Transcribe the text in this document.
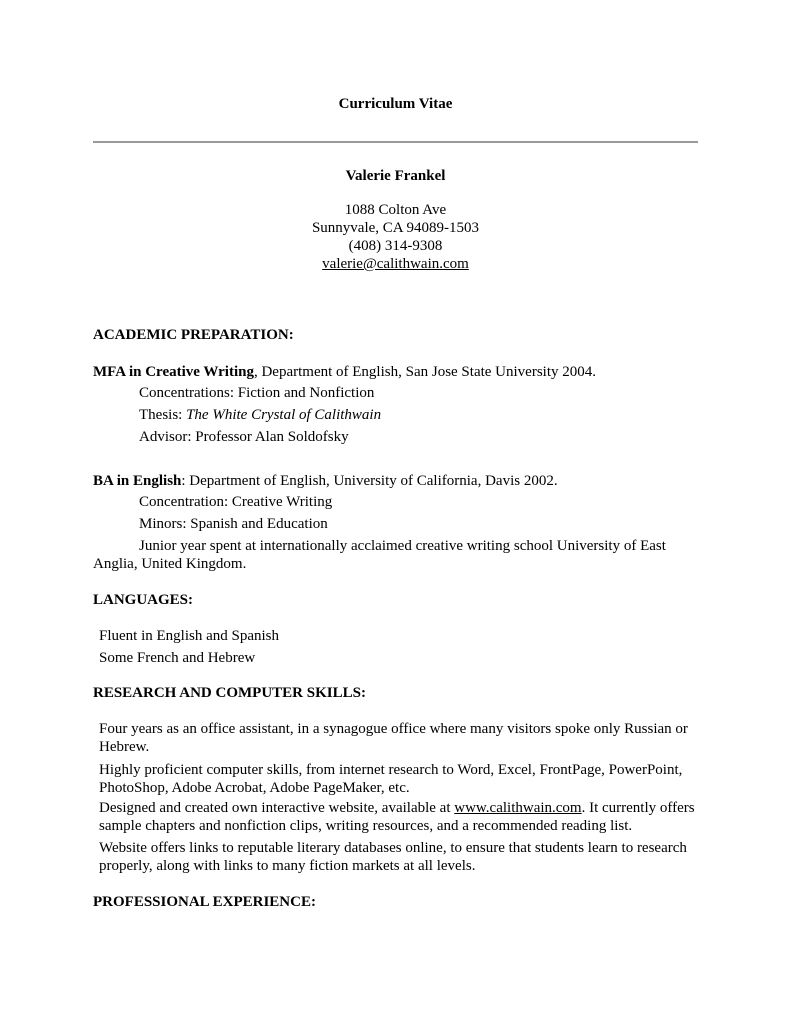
Curriculum Vitae
Valerie Frankel
1088 Colton Ave
Sunnyvale, CA 94089-1503
(408) 314-9308
valerie@calithwain.com
ACADEMIC PREPARATION:
MFA in Creative Writing, Department of English, San Jose State University 2004.
Concentrations: Fiction and Nonfiction
Thesis: The White Crystal of Calithwain
Advisor: Professor Alan Soldofsky
BA in English: Department of English, University of California, Davis 2002.
Concentration: Creative Writing
Minors: Spanish and Education
Junior year spent at internationally acclaimed creative writing school University of East
Anglia, United Kingdom.
LANGUAGES:
Fluent in English and Spanish
Some French and Hebrew
RESEARCH AND COMPUTER SKILLS:
Four years as an office assistant, in a synagogue office where many visitors spoke only Russian or
Hebrew.
Highly proficient computer skills, from internet research to Word, Excel, FrontPage, PowerPoint,
PhotoShop, Adobe Acrobat, Adobe PageMaker, etc.
Designed and created own interactive website, available at www.calithwain.com. It currently offers
sample chapters and nonfiction clips, writing resources, and a recommended reading list.
Website offers links to reputable literary databases online, to ensure that students learn to research
properly, along with links to many fiction markets at all levels.
PROFESSIONAL EXPERIENCE:
